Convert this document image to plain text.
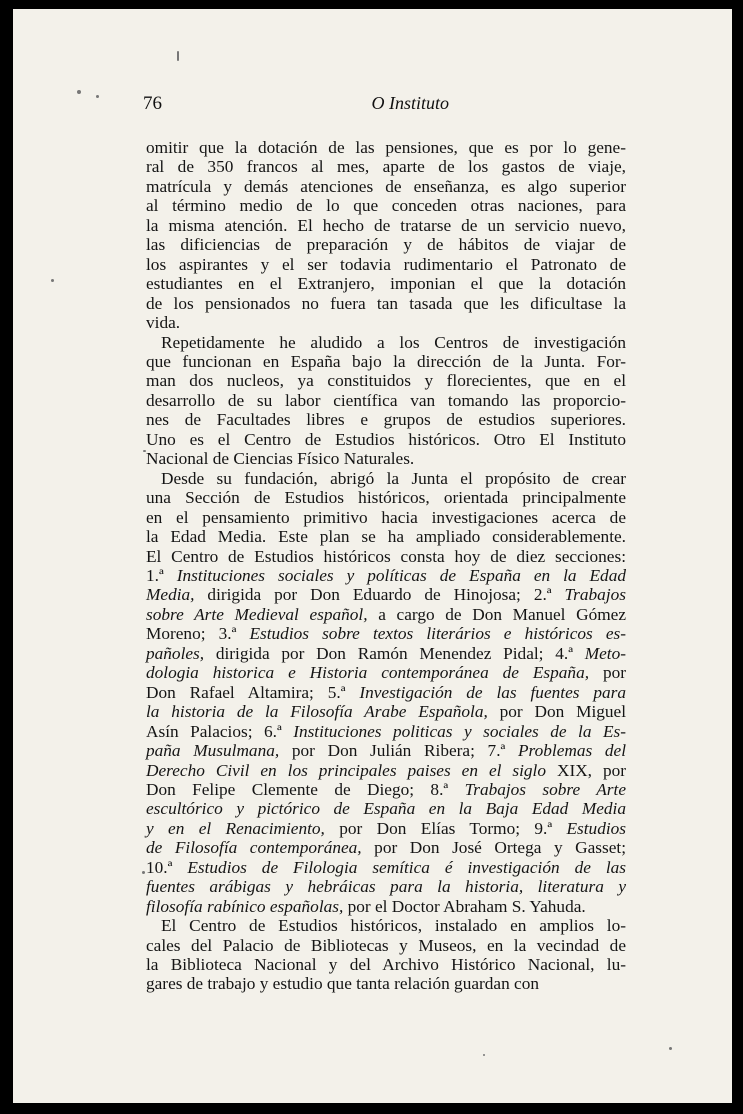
76	O Instituto
omitir que la dotación de las pensiones, que es por lo gene-
ral de 350 francos al mes, aparte de los gastos de viaje,
matrícula y demás atenciones de enseñanza, es algo superior
al término medio de lo que conceden otras naciones, para
la misma atención. El hecho de tratarse de un servicio nuevo,
las dificiencias de preparación y de hábitos de viajar de
los aspirantes y el ser todavia rudimentario el Patronato de
estudiantes en el Extranjero, imponian el que la dotación
de los pensionados no fuera tan tasada que les dificultase la
vida.
Repetidamente he aludido a los Centros de investigación
que funcionan en España bajo la dirección de la Junta. For-
man dos nucleos, ya constituidos y florecientes, que en el
desarrollo de su labor científica van tomando las proporcio-
nes de Facultades libres e grupos de estudios superiores.
Uno es el Centro de Estudios históricos. Otro El Instituto
Nacional de Ciencias Físico Naturales.
Desde su fundación, abrigó la Junta el propósito de crear
una Sección de Estudios históricos, orientada principalmente
en el pensamiento primitivo hacia investigaciones acerca de
la Edad Media. Este plan se ha ampliado considerablemente.
El Centro de Estudios históricos consta hoy de diez secciones:
1.ª Instituciones sociales y políticas de España en la Edad
Media, dirigida por Don Eduardo de Hinojosa; 2.ª Trabajos
sobre Arte Medieval español, a cargo de Don Manuel Gómez
Moreno; 3.ª Estudios sobre textos literários e históricos es-
pañoles, dirigida por Don Ramón Menendez Pidal; 4.ª Meto-
dologia historica e Historia contemporánea de España, por
Don Rafael Altamira; 5.ª Investigación de las fuentes para
la historia de la Filosofía Arabe Española, por Don Miguel
Asín Palacios; 6.ª Instituciones politicas y sociales de la Es-
paña Musulmana, por Don Julián Ribera; 7.ª Problemas del
Derecho Civil en los principales paises en el siglo XIX, por
Don Felipe Clemente de Diego; 8.ª Trabajos sobre Arte
escultórico y pictórico de España en la Baja Edad Media
y en el Renacimiento, por Don Elías Tormo; 9.ª Estudios
de Filosofía contemporánea, por Don José Ortega y Gasset;
10.ª Estudios de Filologia semítica é investigación de las
fuentes arábigas y hebráicas para la historia, literatura y
filosofía rabínico españolas, por el Doctor Abraham S. Yahuda.
El Centro de Estudios históricos, instalado en amplios lo-
cales del Palacio de Bibliotecas y Museos, en la vecindad de
la Biblioteca Nacional y del Archivo Histórico Nacional, lu-
gares de trabajo y estudio que tanta relación guardan con
